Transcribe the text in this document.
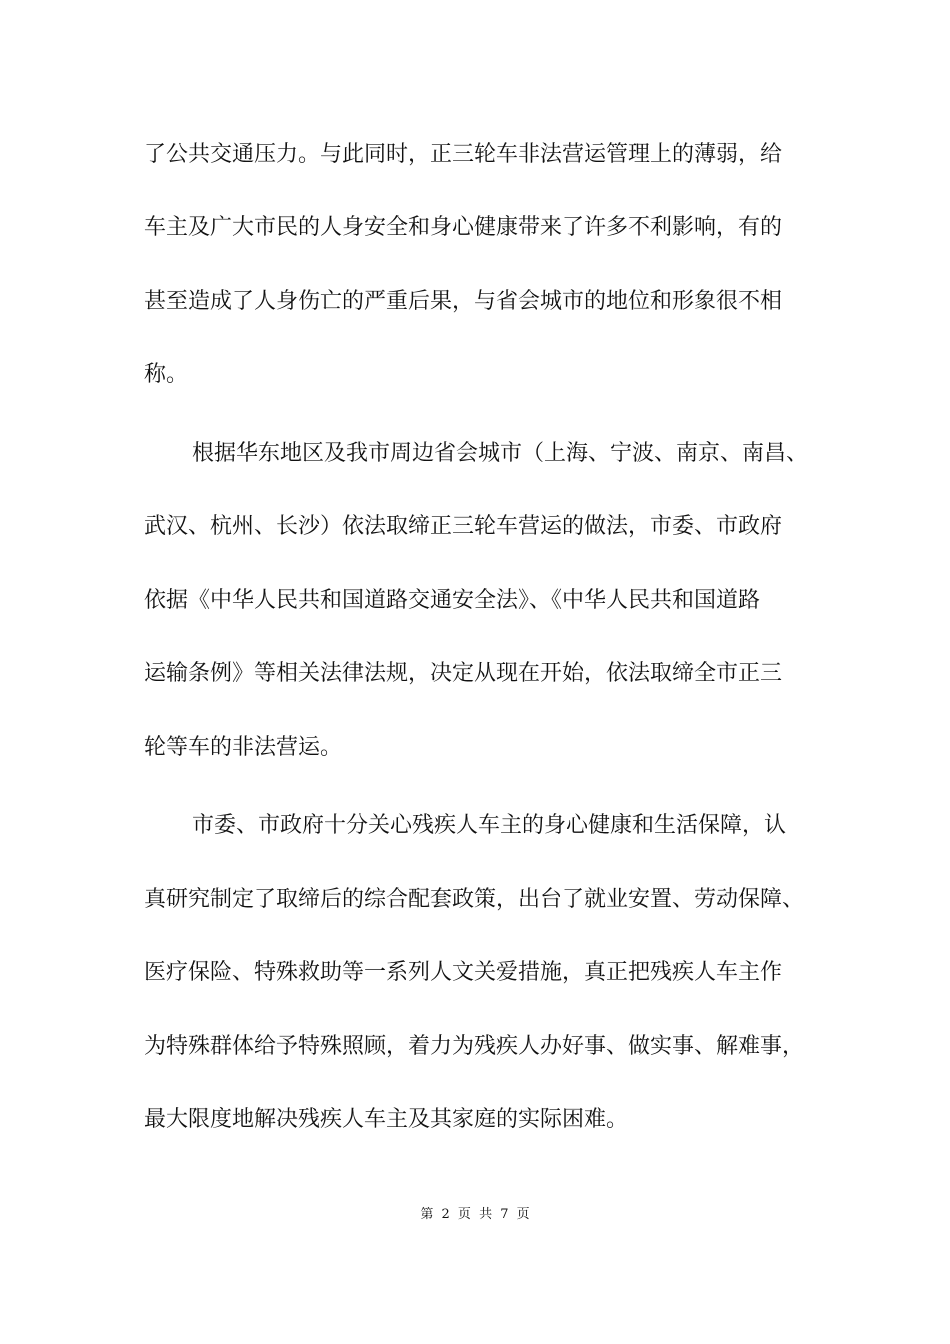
了公共交通压力。与此同时，正三轮车非法营运管理上的薄弱，给
车主及广大市民的人身安全和身心健康带来了许多不利影响，有的
甚至造成了人身伤亡的严重后果，与省会城市的地位和形象很不相
称。
根据华东地区及我市周边省会城市（上海、宁波、南京、南昌、
武汉、杭州、长沙）依法取缔正三轮车营运的做法，市委、市政府
依据《中华人民共和国道路交通安全法》、《中华人民共和国道路
运输条例》等相关法律法规，决定从现在开始，依法取缔全市正三
轮等车的非法营运。
市委、市政府十分关心残疾人车主的身心健康和生活保障，认
真研究制定了取缔后的综合配套政策，出台了就业安置、劳动保障、
医疗保险、特殊救助等一系列人文关爱措施，真正把残疾人车主作
为特殊群体给予特殊照顾，着力为残疾人办好事、做实事、解难事，
最大限度地解决残疾人车主及其家庭的实际困难。
第 2 页 共 7 页
